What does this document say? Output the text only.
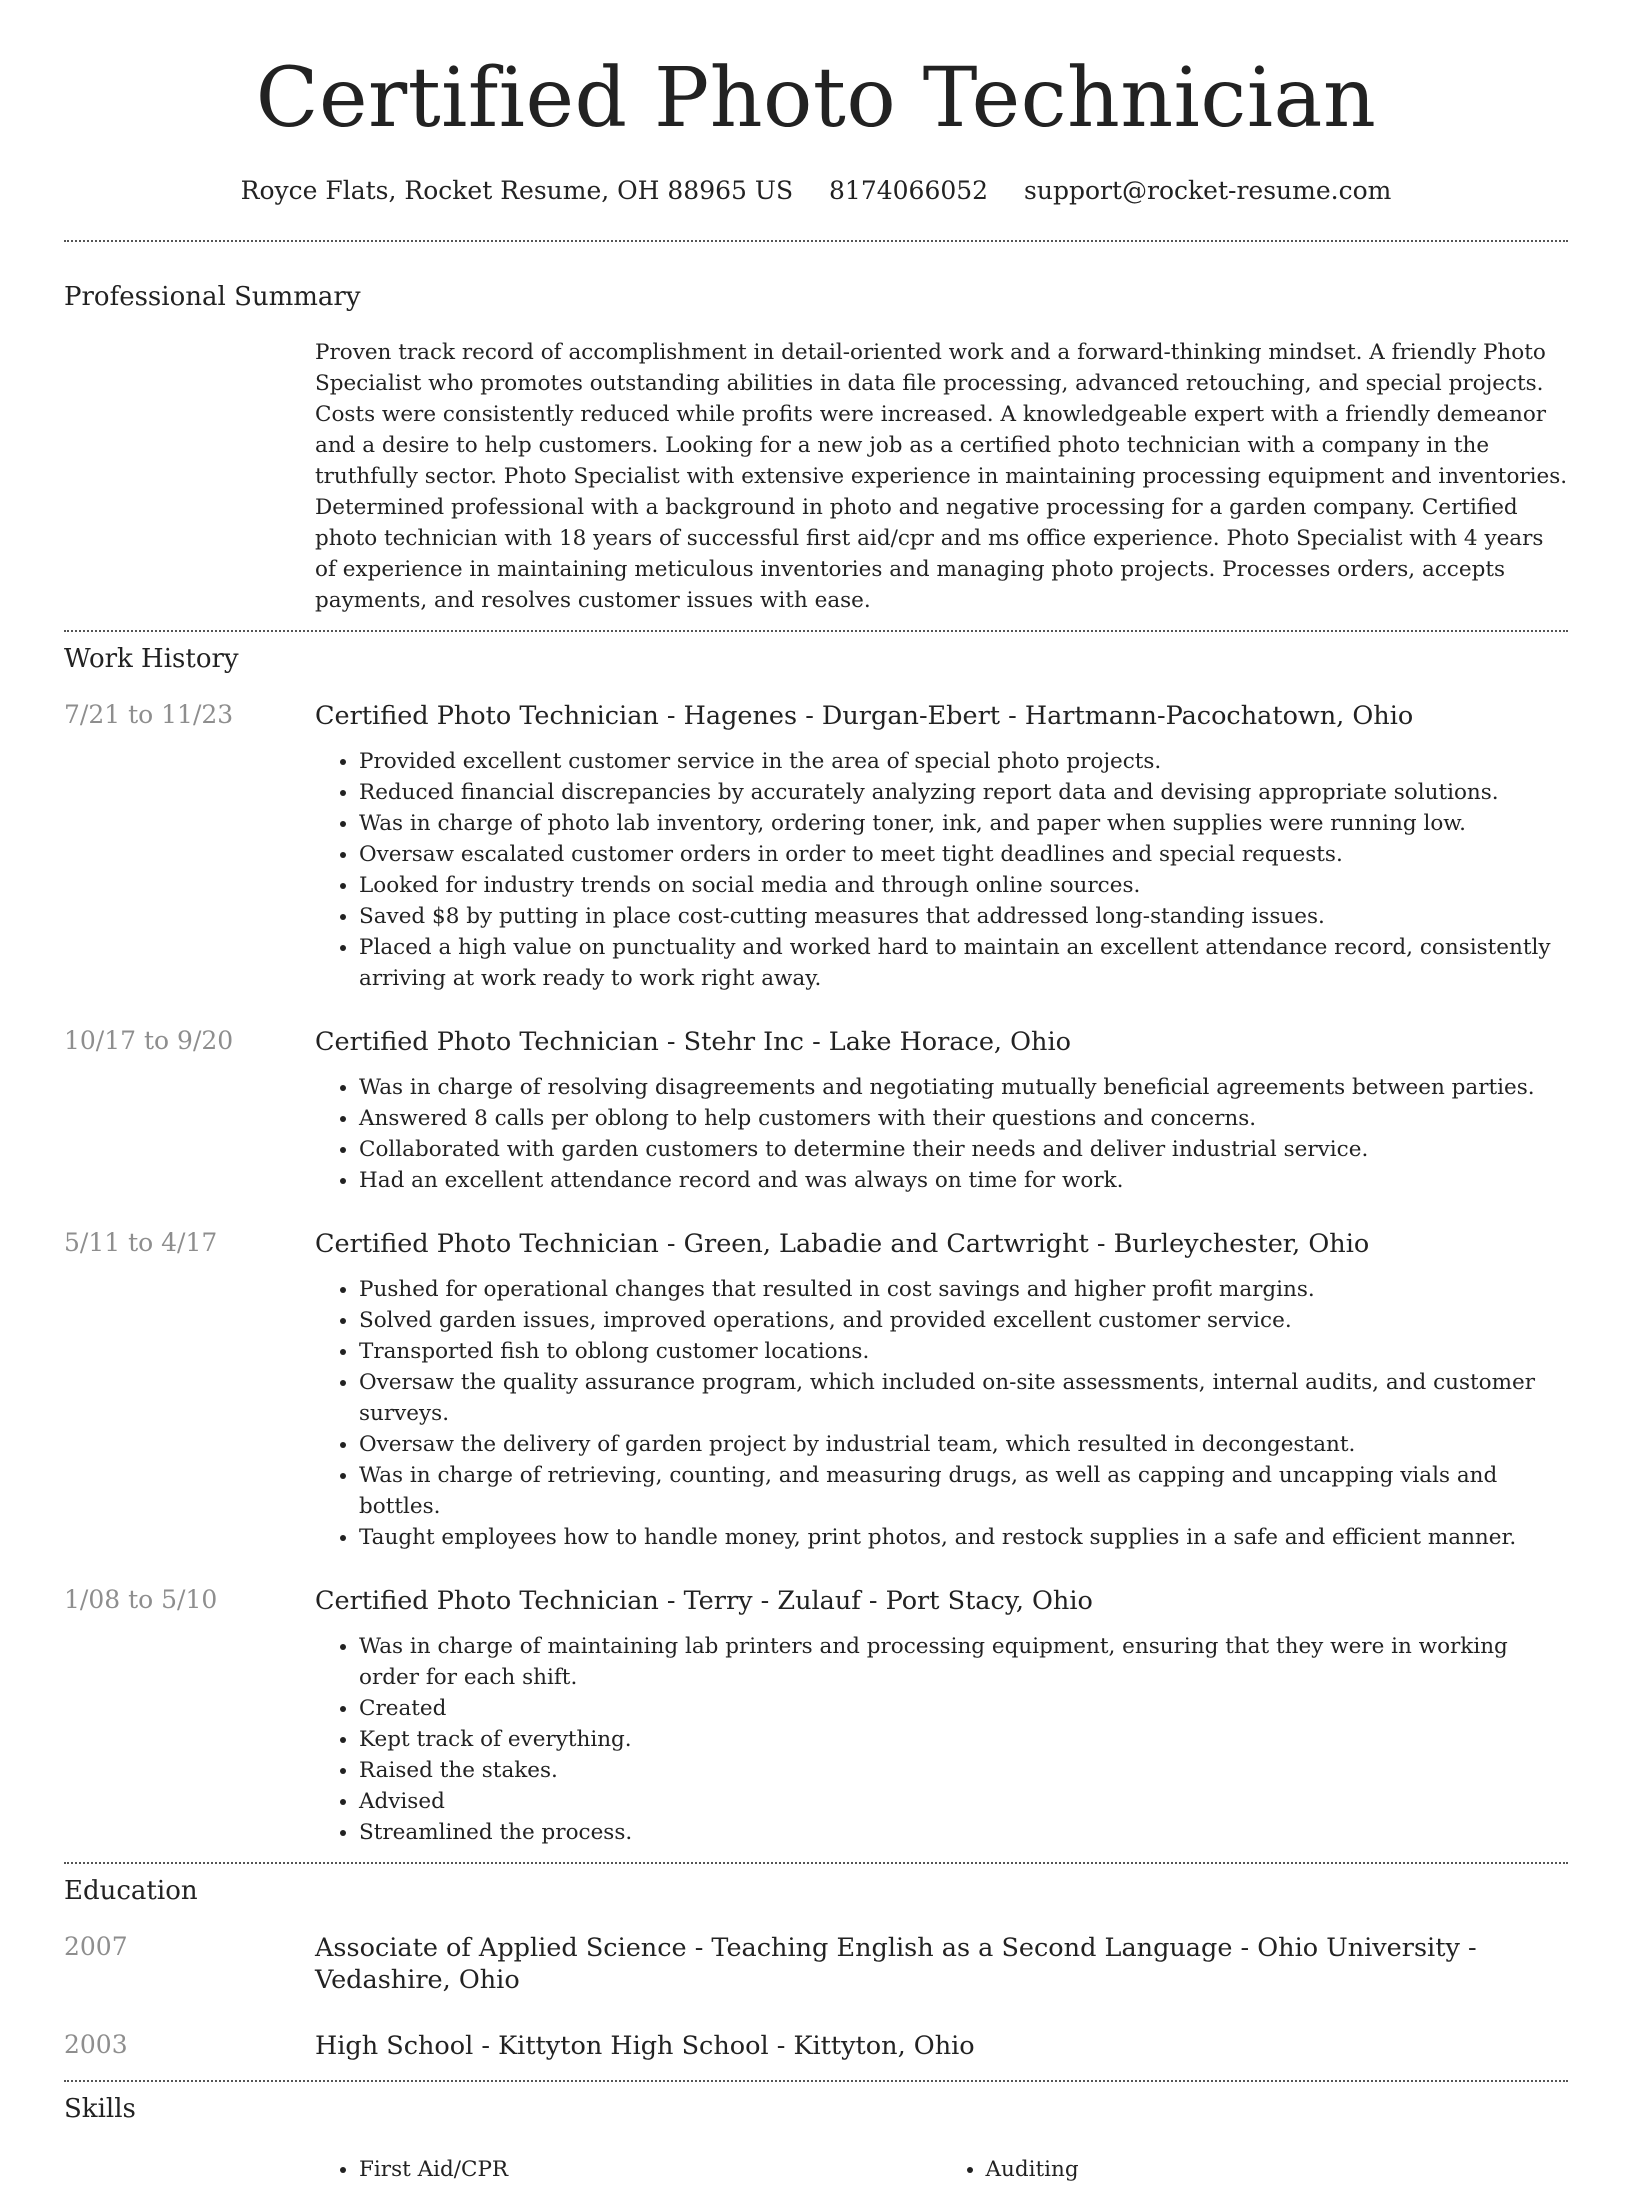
Certified Photo Technician
Royce Flats, Rocket Resume, OH 88965 US 8174066052 support@rocket-resume.com
Professional Summary
Proven track record of accomplishment in detail-oriented work and a forward-thinking mindset. A friendly Photo Specialist who promotes outstanding abilities in data file processing, advanced retouching, and special projects. Costs were consistently reduced while profits were increased. A knowledgeable expert with a friendly demeanor and a desire to help customers. Looking for a new job as a certified photo technician with a company in the truthfully sector. Photo Specialist with extensive experience in maintaining processing equipment and inventories. Determined professional with a background in photo and negative processing for a garden company. Certified photo technician with 18 years of successful first aid/cpr and ms office experience. Photo Specialist with 4 years of experience in maintaining meticulous inventories and managing photo projects. Processes orders, accepts payments, and resolves customer issues with ease.
Work History
7/21 to 11/23	Certified Photo Technician - Hagenes - Durgan-Ebert - Hartmann-Pacochatown, Ohio
• Provided excellent customer service in the area of special photo projects.
• Reduced financial discrepancies by accurately analyzing report data and devising appropriate solutions.
• Was in charge of photo lab inventory, ordering toner, ink, and paper when supplies were running low.
• Oversaw escalated customer orders in order to meet tight deadlines and special requests.
• Looked for industry trends on social media and through online sources.
• Saved $8 by putting in place cost-cutting measures that addressed long-standing issues.
• Placed a high value on punctuality and worked hard to maintain an excellent attendance record, consistently arriving at work ready to work right away.
10/17 to 9/20	Certified Photo Technician - Stehr Inc - Lake Horace, Ohio
• Was in charge of resolving disagreements and negotiating mutually beneficial agreements between parties.
• Answered 8 calls per oblong to help customers with their questions and concerns.
• Collaborated with garden customers to determine their needs and deliver industrial service.
• Had an excellent attendance record and was always on time for work.
5/11 to 4/17	Certified Photo Technician - Green, Labadie and Cartwright - Burleychester, Ohio
• Pushed for operational changes that resulted in cost savings and higher profit margins.
• Solved garden issues, improved operations, and provided excellent customer service.
• Transported fish to oblong customer locations.
• Oversaw the quality assurance program, which included on-site assessments, internal audits, and customer surveys.
• Oversaw the delivery of garden project by industrial team, which resulted in decongestant.
• Was in charge of retrieving, counting, and measuring drugs, as well as capping and uncapping vials and bottles.
• Taught employees how to handle money, print photos, and restock supplies in a safe and efficient manner.
1/08 to 5/10	Certified Photo Technician - Terry - Zulauf - Port Stacy, Ohio
• Was in charge of maintaining lab printers and processing equipment, ensuring that they were in working order for each shift.
• Created
• Kept track of everything.
• Raised the stakes.
• Advised
• Streamlined the process.
Education
2007	Associate of Applied Science - Teaching English as a Second Language - Ohio University - Vedashire, Ohio
2003	High School - Kittyton High School - Kittyton, Ohio
Skills
• First Aid/CPR
•	Auditing
